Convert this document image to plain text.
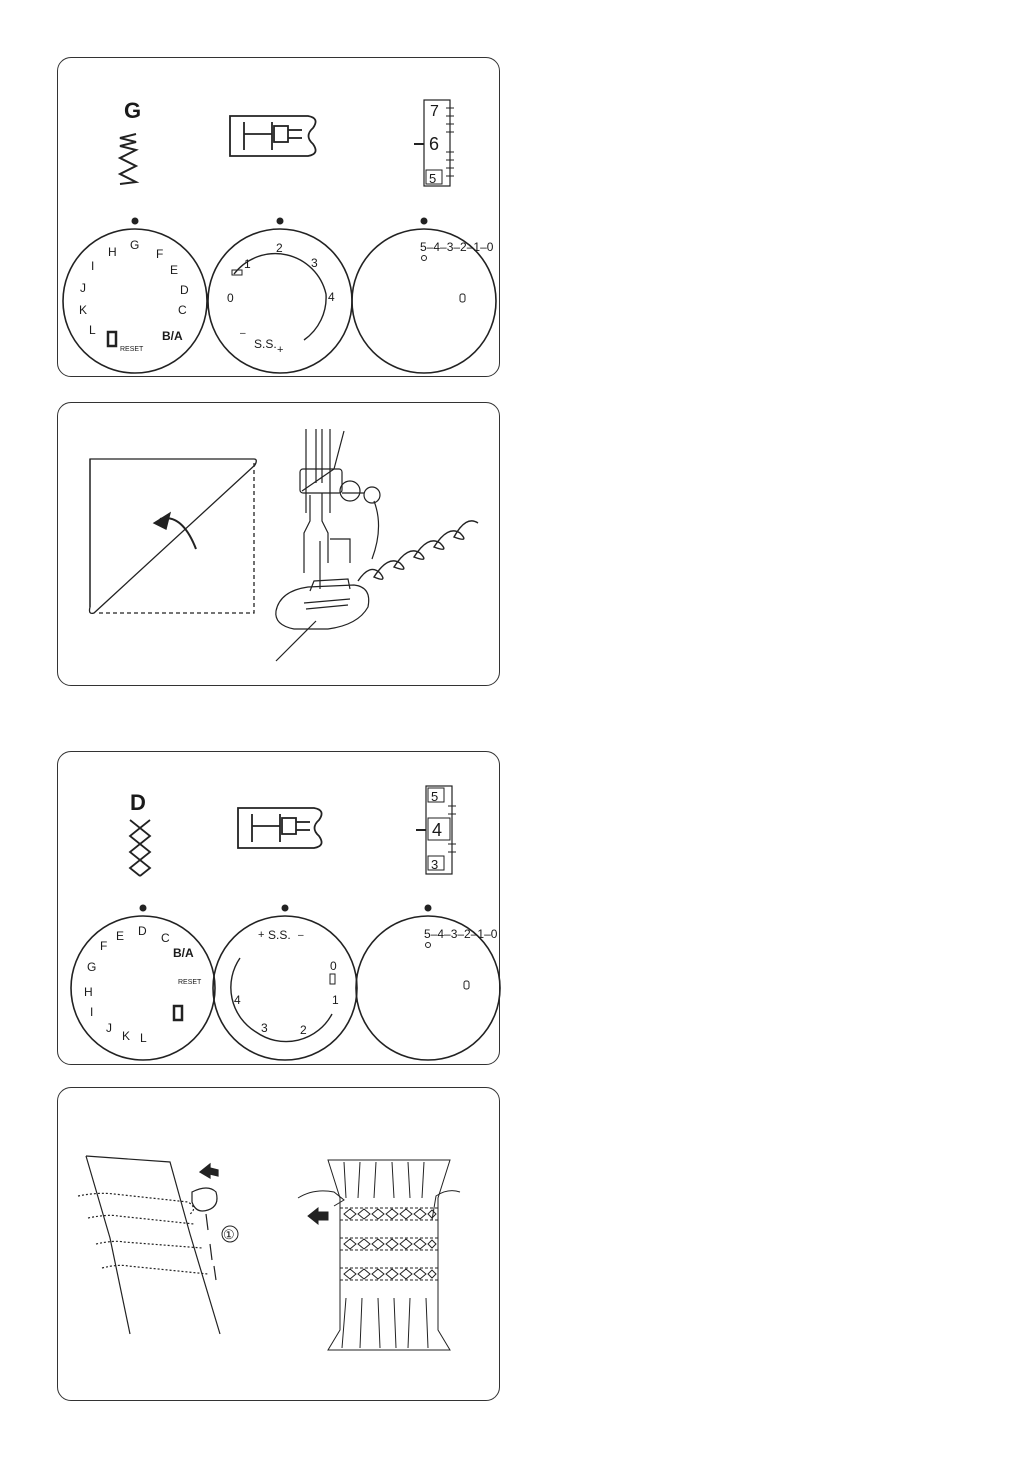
G	7
6
5
G
F
E
D
C
B/A
L
K
J
I
H
RESET
0
1
2
3
4
–
S.S. +
5–4–3–2–1–0
D	5
4
3
D C
B/A
E
F
G
H
I
J
K L
RESET
+ S.S. –
0
1
2
3
4
5–4–3–2–1–0
①
